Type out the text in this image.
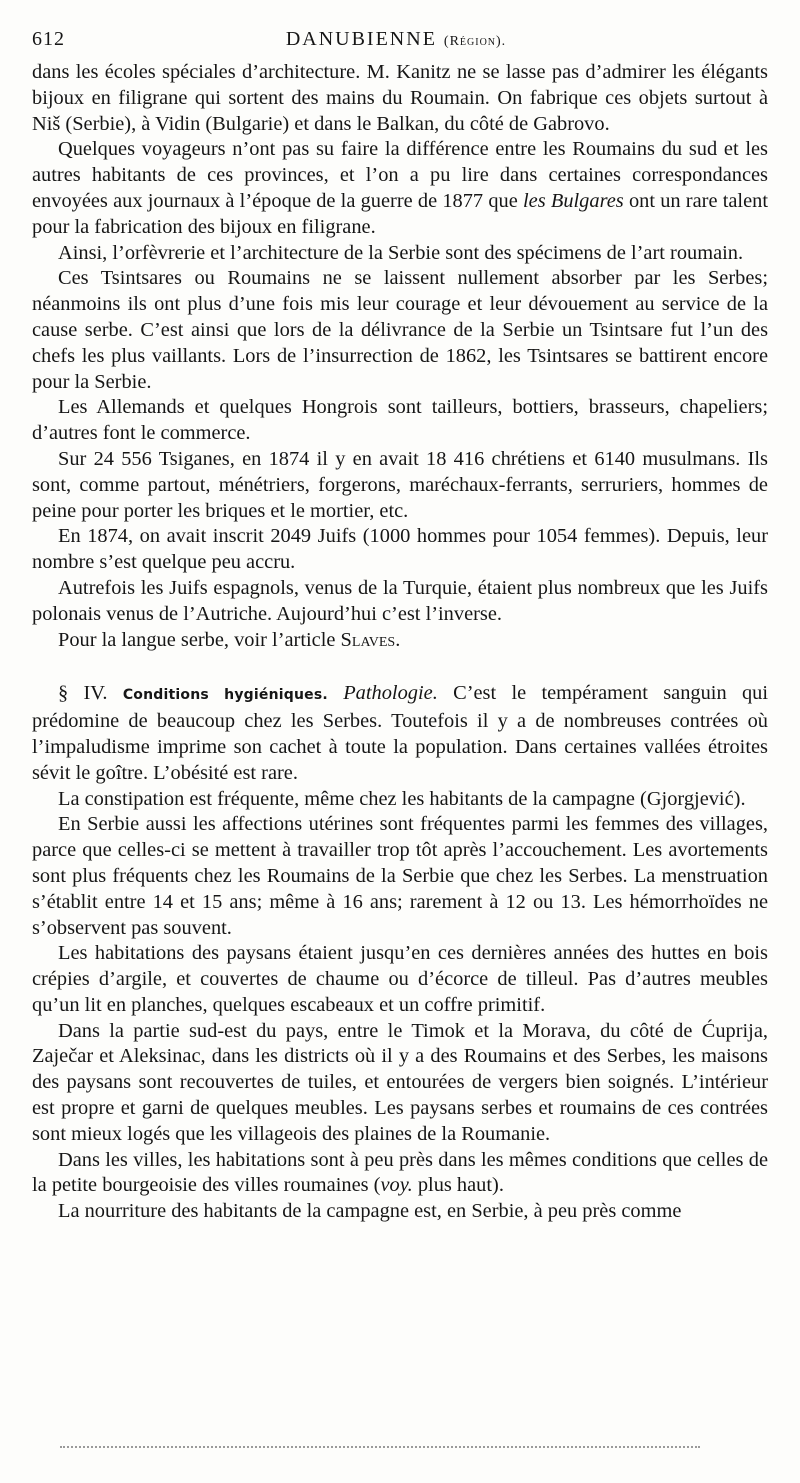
612	DANUBIENNE (Région).

dans les écoles spéciales d’architecture. M. Kanitz ne se lasse pas d’admirer les élégants bijoux en filigrane qui sortent des mains du Roumain. On fabrique ces objets surtout à Niš (Serbie), à Vidin (Bulgarie) et dans le Balkan, du côté de Gabrovo.

Quelques voyageurs n’ont pas su faire la différence entre les Roumains du sud et les autres habitants de ces provinces, et l’on a pu lire dans certaines correspondances envoyées aux journaux à l’époque de la guerre de 1877 que les Bulgares ont un rare talent pour la fabrication des bijoux en filigrane.

Ainsi, l’orfèvrerie et l’architecture de la Serbie sont des spécimens de l’art roumain.

Ces Tsintsares ou Roumains ne se laissent nullement absorber par les Serbes; néanmoins ils ont plus d’une fois mis leur courage et leur dévouement au service de la cause serbe. C’est ainsi que lors de la délivrance de la Serbie un Tsintsare fut l’un des chefs les plus vaillants. Lors de l’insurrection de 1862, les Tsintsares se battirent encore pour la Serbie.

Les Allemands et quelques Hongrois sont tailleurs, bottiers, brasseurs, chapeliers; d’autres font le commerce.

Sur 24 556 Tsiganes, en 1874 il y en avait 18 416 chrétiens et 6140 musulmans. Ils sont, comme partout, ménétriers, forgerons, maréchaux-ferrants, serruriers, hommes de peine pour porter les briques et le mortier, etc.

En 1874, on avait inscrit 2049 Juifs (1000 hommes pour 1054 femmes). Depuis, leur nombre s’est quelque peu accru.

Autrefois les Juifs espagnols, venus de la Turquie, étaient plus nombreux que les Juifs polonais venus de l’Autriche. Aujourd’hui c’est l’inverse.

Pour la langue serbe, voir l’article Slaves.

§ IV. Conditions hygiéniques. Pathologie. C’est le tempérament sanguin qui prédomine de beaucoup chez les Serbes. Toutefois il y a de nombreuses contrées où l’impaludisme imprime son cachet à toute la population. Dans certaines vallées étroites sévit le goître. L’obésité est rare.

La constipation est fréquente, même chez les habitants de la campagne (Gjorgjević).

En Serbie aussi les affections utérines sont fréquentes parmi les femmes des villages, parce que celles-ci se mettent à travailler trop tôt après l’accouchement. Les avortements sont plus fréquents chez les Roumains de la Serbie que chez les Serbes. La menstruation s’établit entre 14 et 15 ans; même à 16 ans; rarement à 12 ou 13. Les hémorrhoïdes ne s’observent pas souvent.

Les habitations des paysans étaient jusqu’en ces dernières années des huttes en bois crépies d’argile, et couvertes de chaume ou d’écorce de tilleul. Pas d’autres meubles qu’un lit en planches, quelques escabeaux et un coffre primitif.

Dans la partie sud-est du pays, entre le Timok et la Morava, du côté de Ćuprija, Zaječar et Aleksinac, dans les districts où il y a des Roumains et des Serbes, les maisons des paysans sont recouvertes de tuiles, et entourées de vergers bien soignés. L’intérieur est propre et garni de quelques meubles. Les paysans serbes et roumains de ces contrées sont mieux logés que les villageois des plaines de la Roumanie.

Dans les villes, les habitations sont à peu près dans les mêmes conditions que celles de la petite bourgeoisie des villes roumaines (voy. plus haut).

La nourriture des habitants de la campagne est, en Serbie, à peu près comme
